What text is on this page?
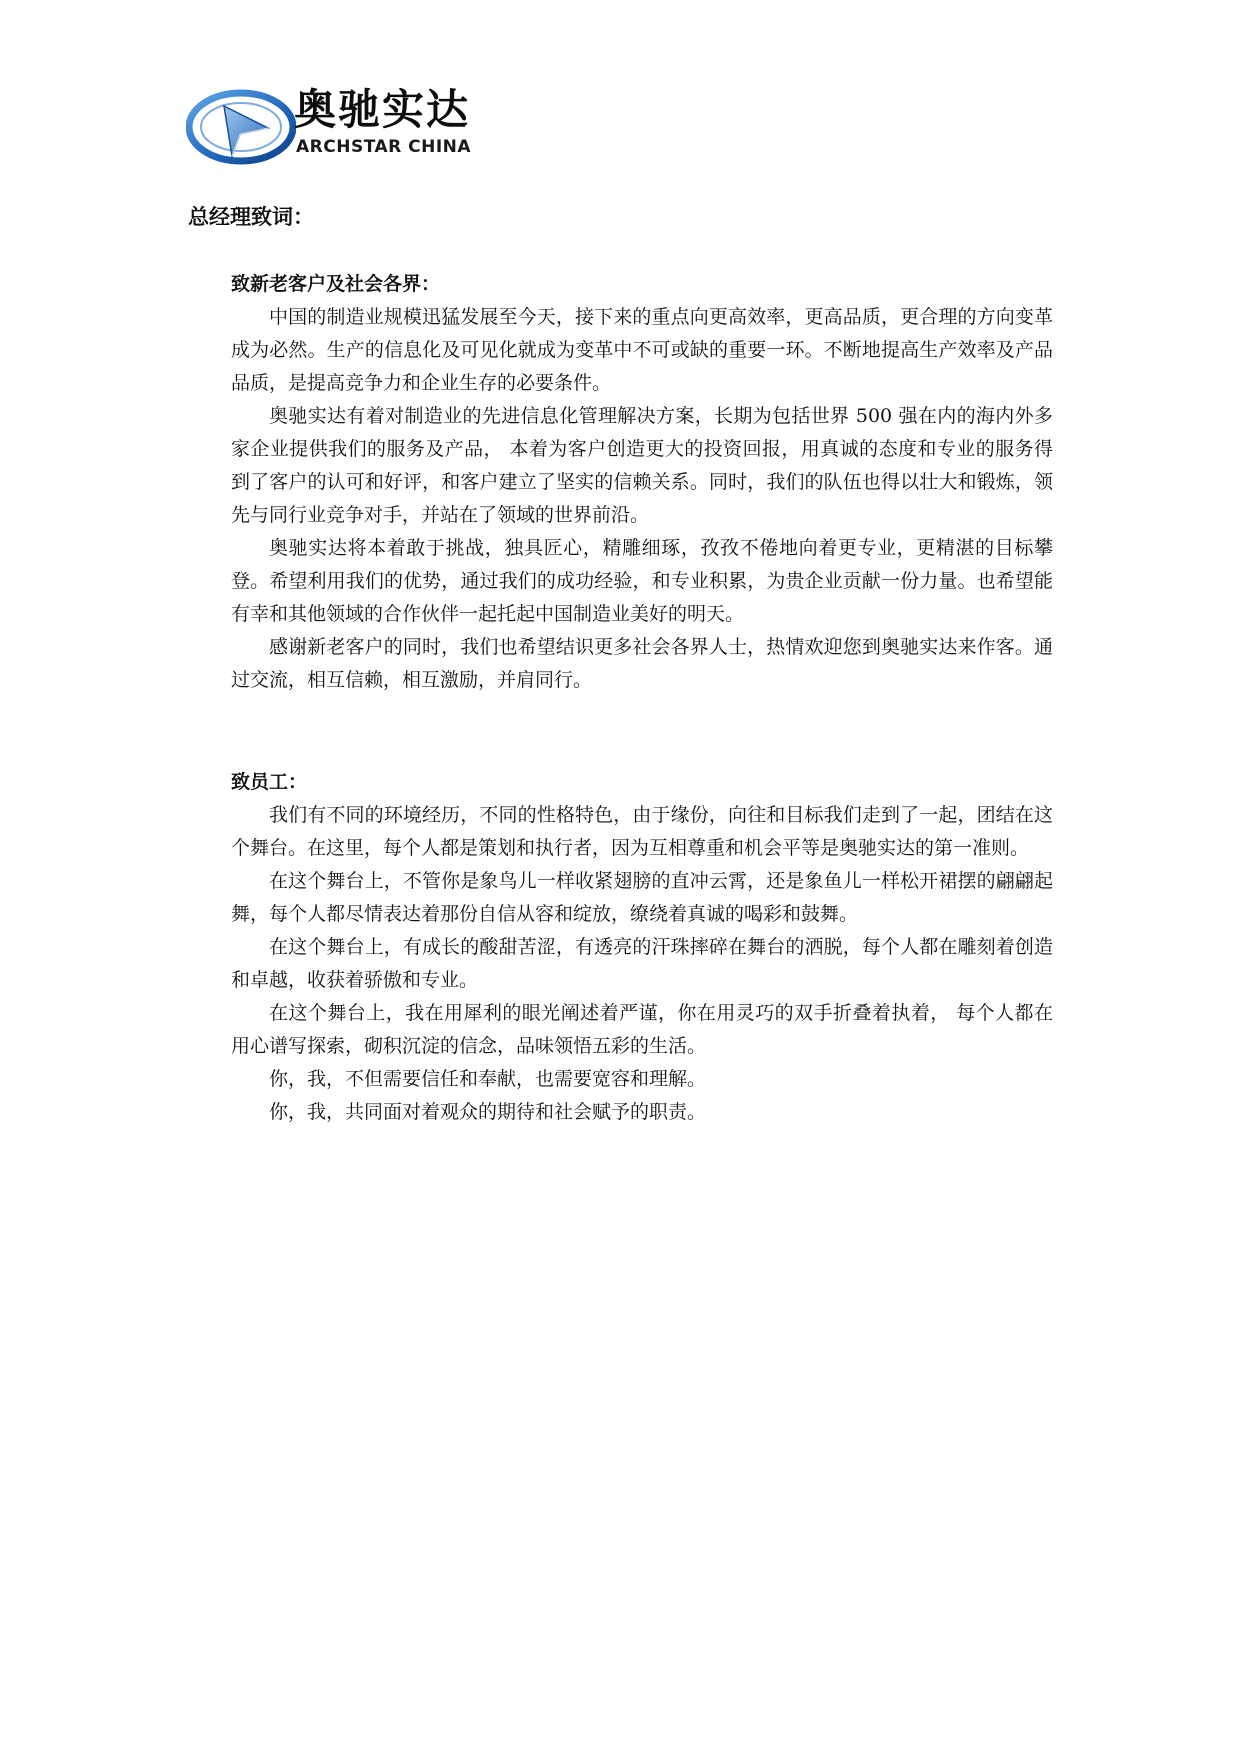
奥驰实达
ARCHSTAR CHINA
总经理致词：

致新老客户及社会各界：

中国的制造业规模迅猛发展至今天，接下来的重点向更高效率，更高品质，更合理的方向变革成为必然。生产的信息化及可见化就成为变革中不可或缺的重要一环。不断地提高生产效率及产品品质，是提高竞争力和企业生存的必要条件。

奥驰实达有着对制造业的先进信息化管理解决方案，长期为包括世界 500 强在内的海内外多家企业提供我们的服务及产品， 本着为客户创造更大的投资回报，用真诚的态度和专业的服务得到了客户的认可和好评，和客户建立了坚实的信赖关系。同时，我们的队伍也得以壮大和锻炼，领先与同行业竞争对手，并站在了领域的世界前沿。

奥驰实达将本着敢于挑战，独具匠心，精雕细琢，孜孜不倦地向着更专业，更精湛的目标攀登。希望利用我们的优势，通过我们的成功经验，和专业积累，为贵企业贡献一份力量。也希望能有幸和其他领域的合作伙伴一起托起中国制造业美好的明天。

感谢新老客户的同时，我们也希望结识更多社会各界人士，热情欢迎您到奥驰实达来作客。通过交流，相互信赖，相互激励，并肩同行。

致员工：

我们有不同的环境经历，不同的性格特色，由于缘份，向往和目标我们走到了一起，团结在这个舞台。在这里，每个人都是策划和执行者，因为互相尊重和机会平等是奥驰实达的第一准则。

在这个舞台上，不管你是象鸟儿一样收紧翅膀的直冲云霄，还是象鱼儿一样松开裙摆的翩翩起舞，每个人都尽情表达着那份自信从容和绽放，缭绕着真诚的喝彩和鼓舞。

在这个舞台上，有成长的酸甜苦涩，有透亮的汗珠摔碎在舞台的洒脱，每个人都在雕刻着创造和卓越，收获着骄傲和专业。

在这个舞台上，我在用犀利的眼光阐述着严谨，你在用灵巧的双手折叠着执着， 每个人都在用心谱写探索，砌积沉淀的信念，品味领悟五彩的生活。

你，我，不但需要信任和奉献，也需要宽容和理解。

你，我，共同面对着观众的期待和社会赋予的职责。
